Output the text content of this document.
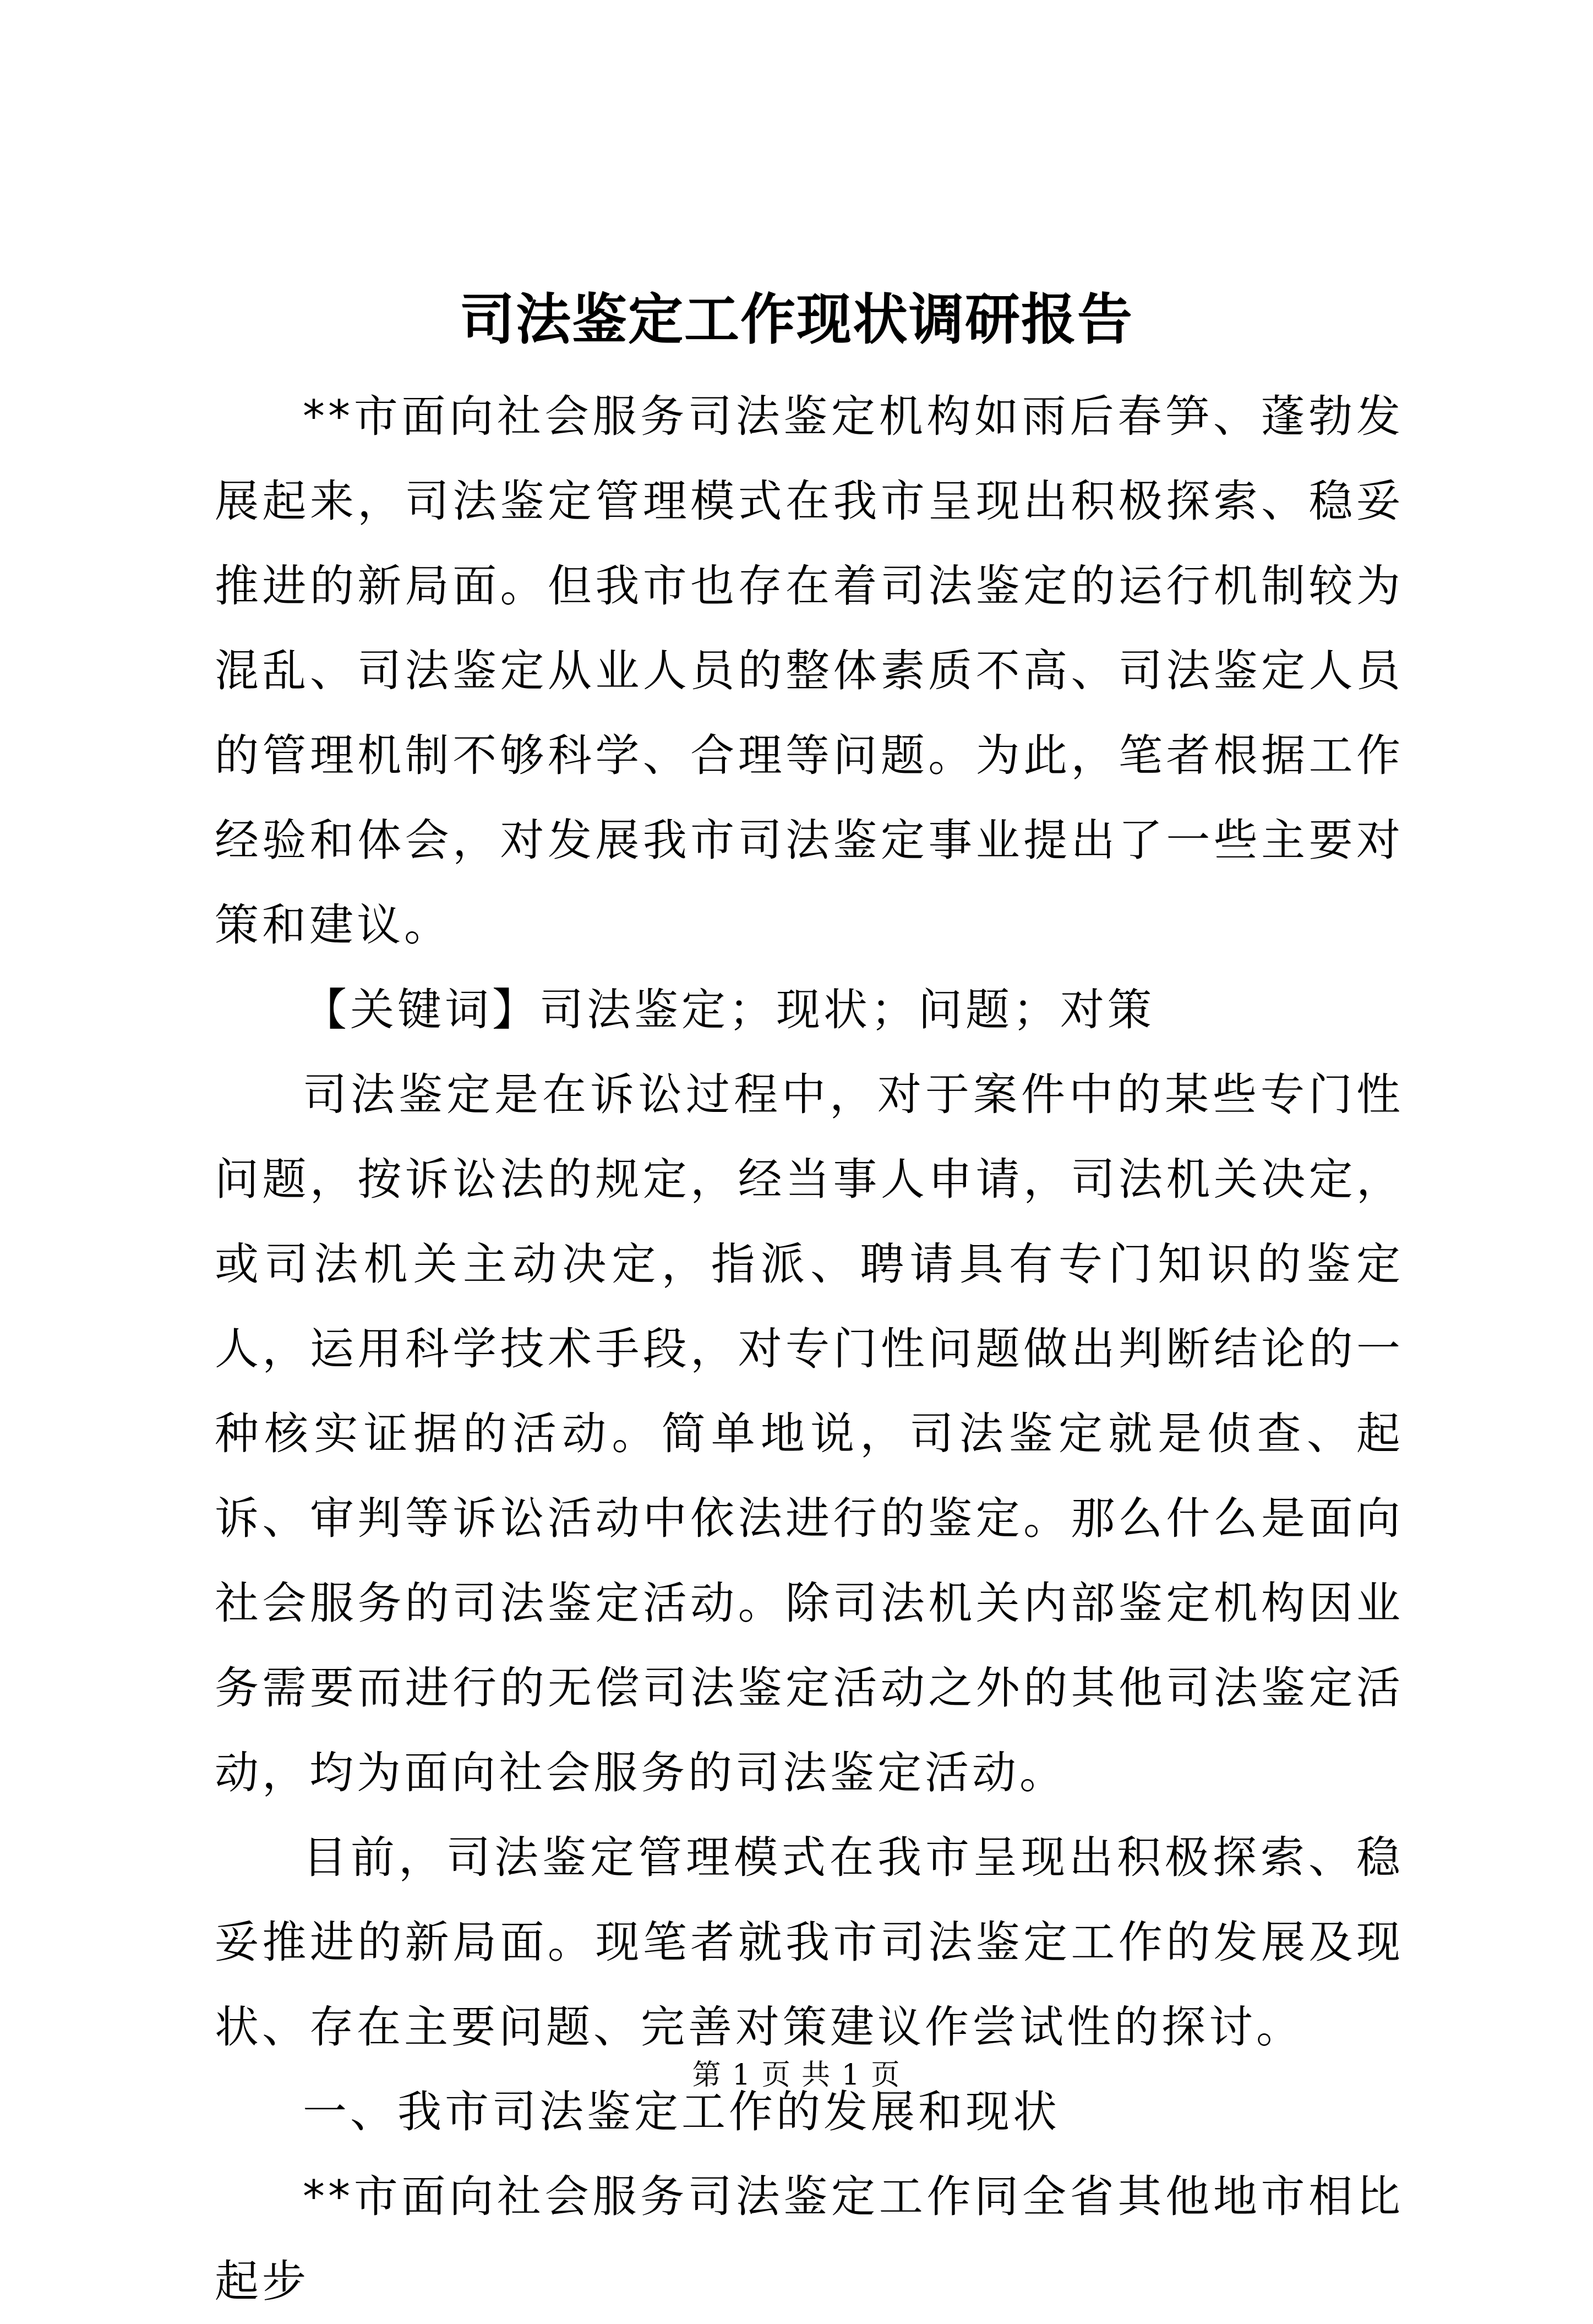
司法鉴定工作现状调研报告

**市面向社会服务司法鉴定机构如雨后春笋、蓬勃发展起来，司法鉴定管理模式在我市呈现出积极探索、稳妥推进的新局面。但我市也存在着司法鉴定的运行机制较为混乱、司法鉴定从业人员的整体素质不高、司法鉴定人员的管理机制不够科学、合理等问题。为此，笔者根据工作经验和体会，对发展我市司法鉴定事业提出了一些主要对策和建议。

【关键词】司法鉴定；现状；问题；对策

司法鉴定是在诉讼过程中，对于案件中的某些专门性问题，按诉讼法的规定，经当事人申请，司法机关决定，或司法机关主动决定，指派、聘请具有专门知识的鉴定人，运用科学技术手段，对专门性问题做出判断结论的一种核实证据的活动。简单地说，司法鉴定就是侦查、起诉、审判等诉讼活动中依法进行的鉴定。那么什么是面向社会服务的司法鉴定活动。除司法机关内部鉴定机构因业务需要而进行的无偿司法鉴定活动之外的其他司法鉴定活动，均为面向社会服务的司法鉴定活动。

目前，司法鉴定管理模式在我市呈现出积极探索、稳妥推进的新局面。现笔者就我市司法鉴定工作的发展及现状、存在主要问题、完善对策建议作尝试性的探讨。

一、我市司法鉴定工作的发展和现状

**市面向社会服务司法鉴定工作同全省其他地市相比起步

第 1 页 共 1 页
